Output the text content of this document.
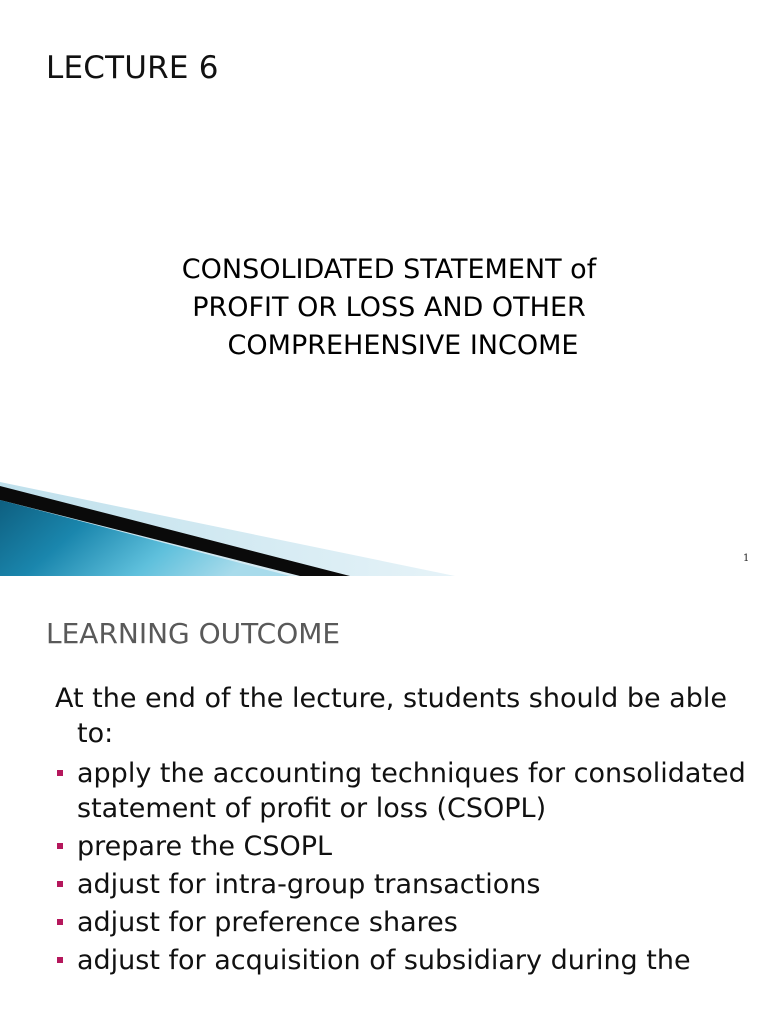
LECTURE 6
CONSOLIDATED STATEMENT of
PROFIT OR LOSS AND OTHER
COMPREHENSIVE INCOME
1
LEARNING OUTCOME
At the end of the lecture, students should be able to:
apply the accounting techniques for consolidated statement of profit or loss (CSOPL)
prepare the CSOPL
adjust for intra-group transactions
adjust for preference shares
adjust for acquisition of subsidiary during the
